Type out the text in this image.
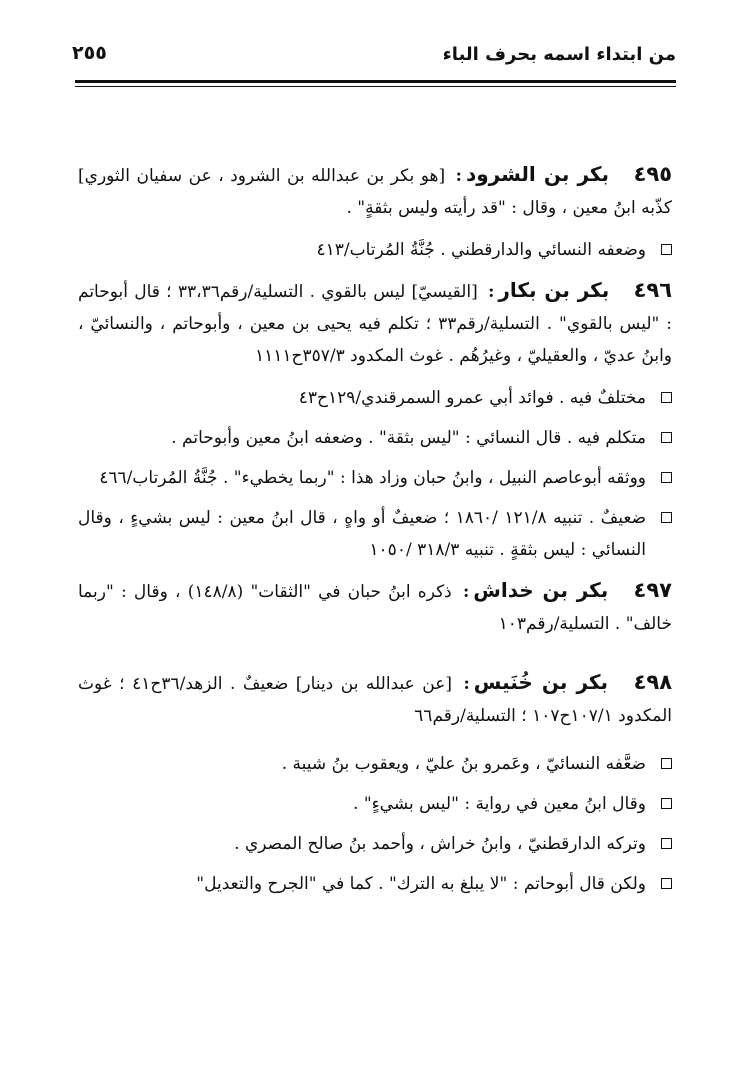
من ابتداء اسمه بحرف الباء
٢٥٥

٤٩٥ بكر بن الشرود: [هو بكر بن عبدالله بن الشرود ، عن سفيان الثوري] كذّبه ابنُ معين ، وقال : "قد رأيته وليس بثقةٍ" .

وضعفه النسائي والدارقطني . جُنَّةُ المُرتاب/٤١٣

٤٩٦ بكر بن بكار: [القيسيّ] ليس بالقوي . التسلية/رقم٣٣،٣٦ ؛ قال أبوحاتم : "ليس بالقوي" . التسلية/رقم٣٣ ؛ تكلم فيه يحيى بن معين ، وأبوحاتم ، والنسائيّ ، وابنُ عديّ ، والعقيليّ ، وغيرُهُم . غوث المكدود ٣٥٧/٣ح١١١١

مختلفٌ فيه . فوائد أبي عمرو السمرقندي/١٢٩ح٤٣

متكلم فيه . قال النسائي : "ليس بثقة" . وضعفه ابنُ معين وأبوحاتم .

ووثقه أبوعاصم النبيل ، وابنُ حبان وزاد هذا : "ربما يخطيء" . جُنَّةُ المُرتاب/٤٦٦

ضعيفٌ . تنبيه ١٢١/٨ /١٨٦٠ ؛ ضعيفٌ أو واهٍ ، قال ابنُ معين : ليس بشيءٍ ، وقال النسائي : ليس بثقةٍ . تنبيه ٣١٨/٣ /١٠٥٠

٤٩٧ بكر بن خداش: ذكره ابنُ حبان في "الثقات" (١٤٨/٨) ، وقال : "ربما خالف" . التسلية/رقم١٠٣

٤٩٨ بكر بن خُنَيس: [عن عبدالله بن دينار] ضعيفٌ . الزهد/٣٦ح٤١ ؛ غوث المكدود ١٠٧/١ح١٠٧ ؛ التسلية/رقم٦٦

ضعَّفه النسائيّ ، وعَمرو بنُ عليّ ، ويعقوب بنُ شيبة .

وقال ابنُ معين في رواية : "ليس بشيءٍ" .

وتركه الدارقطنيّ ، وابنُ خراش ، وأحمد بنُ صالح المصري .

ولكن قال أبوحاتم : "لا يبلغ به الترك" . كما في "الجرح والتعديل"
